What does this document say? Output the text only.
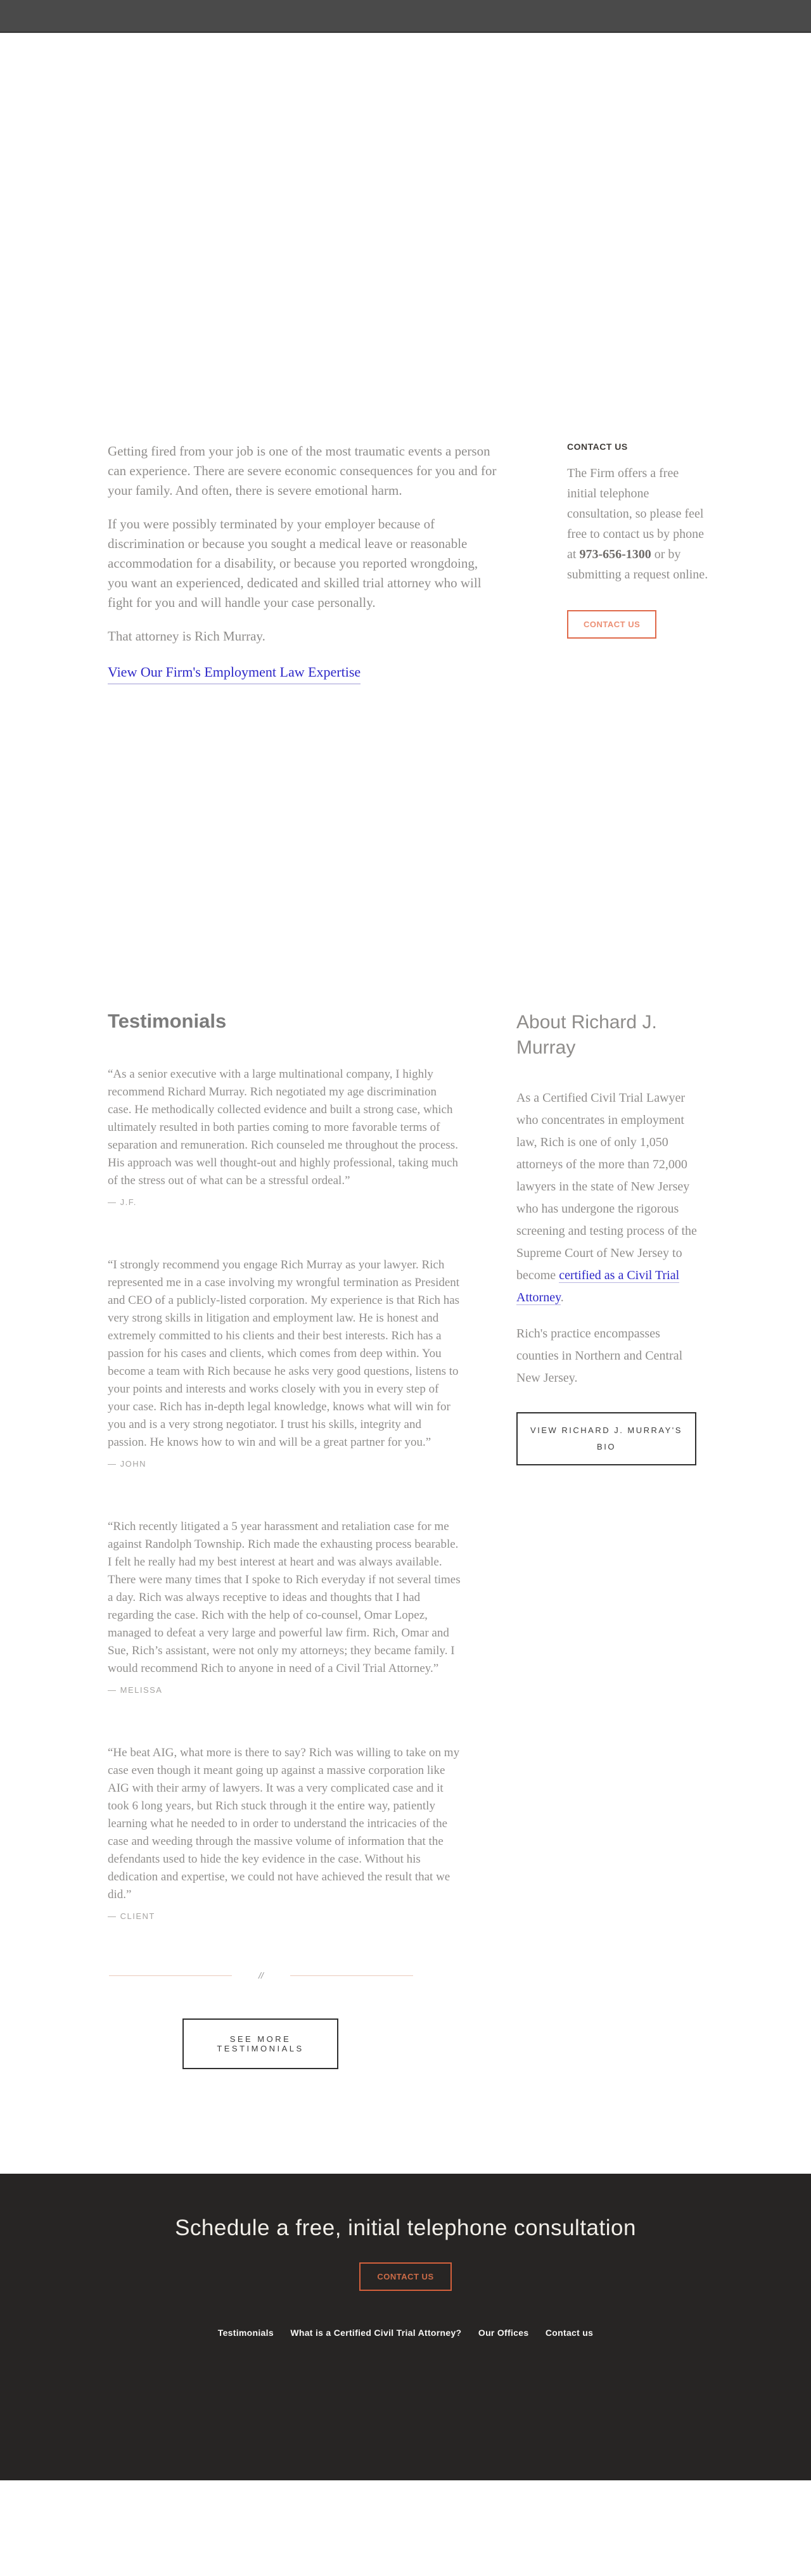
Getting fired from your job is one of the most traumatic events a person can experience. There are severe economic consequences for you and for your family. And often, there is severe emotional harm.

If you were possibly terminated by your employer because of discrimination or because you sought a medical leave or reasonable accommodation for a disability, or because you reported wrongdoing, you want an experienced, dedicated and skilled trial attorney who will fight for you and will handle your case personally.

That attorney is Rich Murray.

View Our Firm's Employment Law Expertise
CONTACT US

The Firm offers a free initial telephone consultation, so please feel free to contact us by phone at 973-656-1300 or by submitting a request online.

CONTACT US
Testimonials
“As a senior executive with a large multinational company, I highly recommend Richard Murray. Rich negotiated my age discrimination case. He methodically collected evidence and built a strong case, which ultimately resulted in both parties coming to more favorable terms of separation and remuneration. Rich counseled me throughout the process. His approach was well thought-out and highly professional, taking much of the stress out of what can be a stressful ordeal.”
— J.F.
“I strongly recommend you engage Rich Murray as your lawyer. Rich represented me in a case involving my wrongful termination as President and CEO of a publicly-listed corporation. My experience is that Rich has very strong skills in litigation and employment law. He is honest and extremely committed to his clients and their best interests. Rich has a passion for his cases and clients, which comes from deep within. You become a team with Rich because he asks very good questions, listens to your points and interests and works closely with you in every step of your case. Rich has in-depth legal knowledge, knows what will win for you and is a very strong negotiator. I trust his skills, integrity and passion. He knows how to win and will be a great partner for you.”
— JOHN
“Rich recently litigated a 5 year harassment and retaliation case for me against Randolph Township. Rich made the exhausting process bearable. I felt he really had my best interest at heart and was always available. There were many times that I spoke to Rich everyday if not several times a day. Rich was always receptive to ideas and thoughts that I had regarding the case. Rich with the help of co-counsel, Omar Lopez, managed to defeat a very large and powerful law firm. Rich, Omar and Sue, Rich’s assistant, were not only my attorneys; they became family. I would recommend Rich to anyone in need of a Civil Trial Attorney.”
— MELISSA
“He beat AIG, what more is there to say? Rich was willing to take on my case even though it meant going up against a massive corporation like AIG with their army of lawyers. It was a very complicated case and it took 6 long years, but Rich stuck through it the entire way, patiently learning what he needed to in order to understand the intricacies of the case and weeding through the massive volume of information that the defendants used to hide the key evidence in the case. Without his dedication and expertise, we could not have achieved the result that we did.”
— CLIENT
//
SEE MORE TESTIMONIALS
About Richard J. Murray

As a Certified Civil Trial Lawyer who concentrates in employment law, Rich is one of only 1,050 attorneys of the more than 72,000 lawyers in the state of New Jersey who has undergone the rigorous screening and testing process of the Supreme Court of New Jersey to become certified as a Civil Trial Attorney.

Rich's practice encompasses counties in Northern and Central New Jersey.

VIEW RICHARD J. MURRAY'S BIO
Schedule a free, initial telephone consultation
CONTACT US
Testimonials What is a Certified Civil Trial Attorney? Our Offices Contact us
